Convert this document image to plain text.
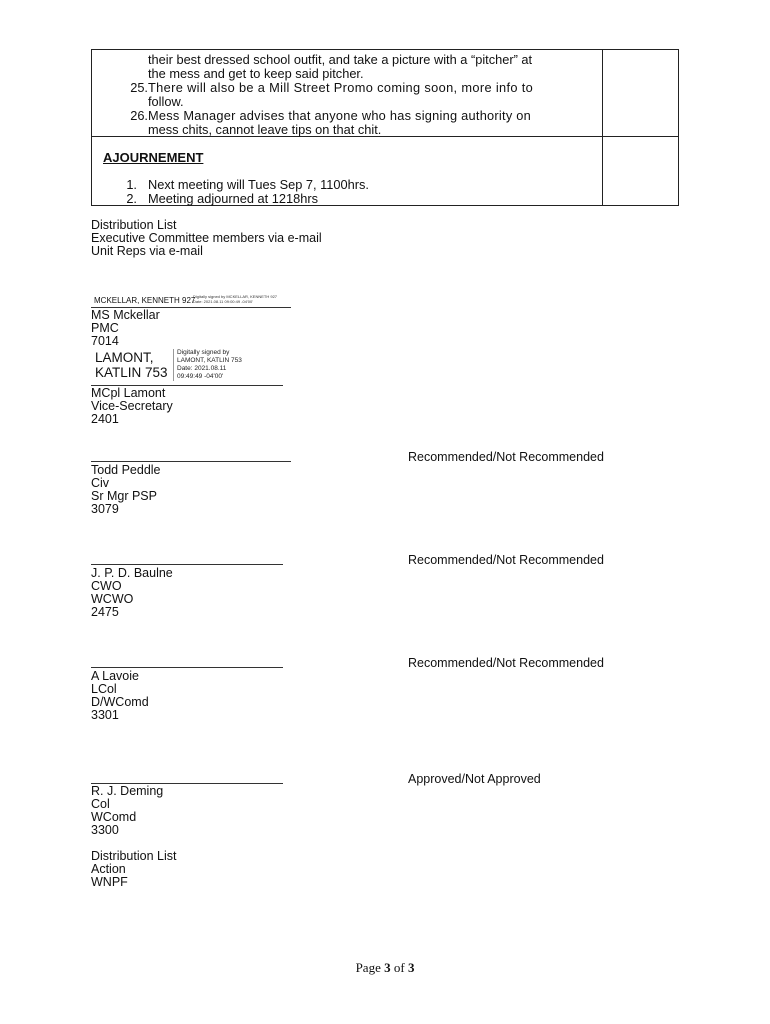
their best dressed school outfit, and take a picture with a “pitcher” at
the mess and get to keep said pitcher.
25. There will also be a Mill Street Promo coming soon, more info to
follow.
26. Mess Manager advises that anyone who has signing authority on
mess chits, cannot leave tips on that chit.
AJOURNEMENT
1. Next meeting will Tues Sep 7, 1100hrs.
2. Meeting adjourned at 1218hrs
Distribution List
Executive Committee members via e-mail
Unit Reps via e-mail
MCKELLAR, KENNETH 927
Digitally signed by MCKELLAR, KENNETH 927
Date: 2021.08.11 09:00:49 -04'00'
MS Mckellar
PMC
7014
LAMONT,
KATLIN 753
Digitally signed by
LAMONT, KATLIN 753
Date: 2021.08.11
09:49:49 -04'00'
MCpl Lamont
Vice-Secretary
2401
Recommended/Not Recommended
Todd Peddle
Civ
Sr Mgr PSP
3079
Recommended/Not Recommended
J. P. D. Baulne
CWO
WCWO
2475
Recommended/Not Recommended
A Lavoie
LCol
D/WComd
3301
Approved/Not Approved
R. J. Deming
Col
WComd
3300
Distribution List
Action
WNPF
Page 3 of 3
